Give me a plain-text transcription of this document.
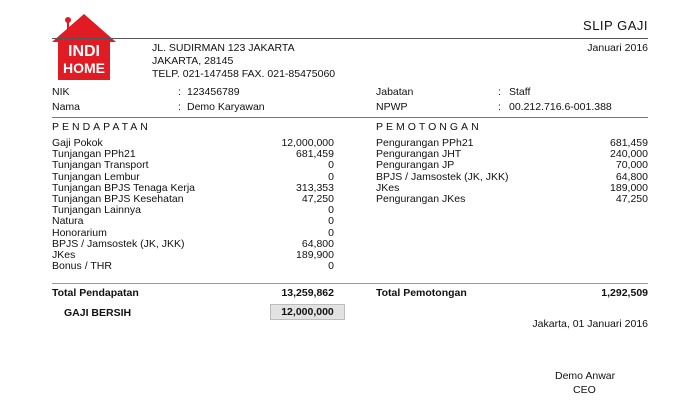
INDI
HOME
JL. SUDIRMAN 123 JAKARTA
JAKARTA, 28145
TELP. 021-147458 FAX. 021-85475060
SLIP GAJI
Januari 2016
NIK	: 123456789
Nama	: Demo Karyawan
Jabatan	: Staff
NPWP	: 00.212.716.6-001.388
PENDAPATAN	PEMOTONGAN
Gaji Pokok	12,000,000
Tunjangan PPh21	681,459
Tunjangan Transport	0
Tunjangan Lembur	0
Tunjangan BPJS Tenaga Kerja	313,353
Tunjangan BPJS Kesehatan	47,250
Tunjangan Lainnya	0
Natura	0
Honorarium	0
BPJS / Jamsostek (JK, JKK)	64,800
JKes	189,900
Bonus / THR	0
Pengurangan PPh21	681,459
Pengurangan JHT	240,000
Pengurangan JP	70,000
BPJS / Jamsostek (JK, JKK)	64,800
JKes	189,000
Pengurangan JKes	47,250
Total Pendapatan	13,259,862	Total Pemotongan	1,292,509
GAJI BERSIH	12,000,000
Jakarta, 01 Januari 2016
Demo Anwar
CEO
